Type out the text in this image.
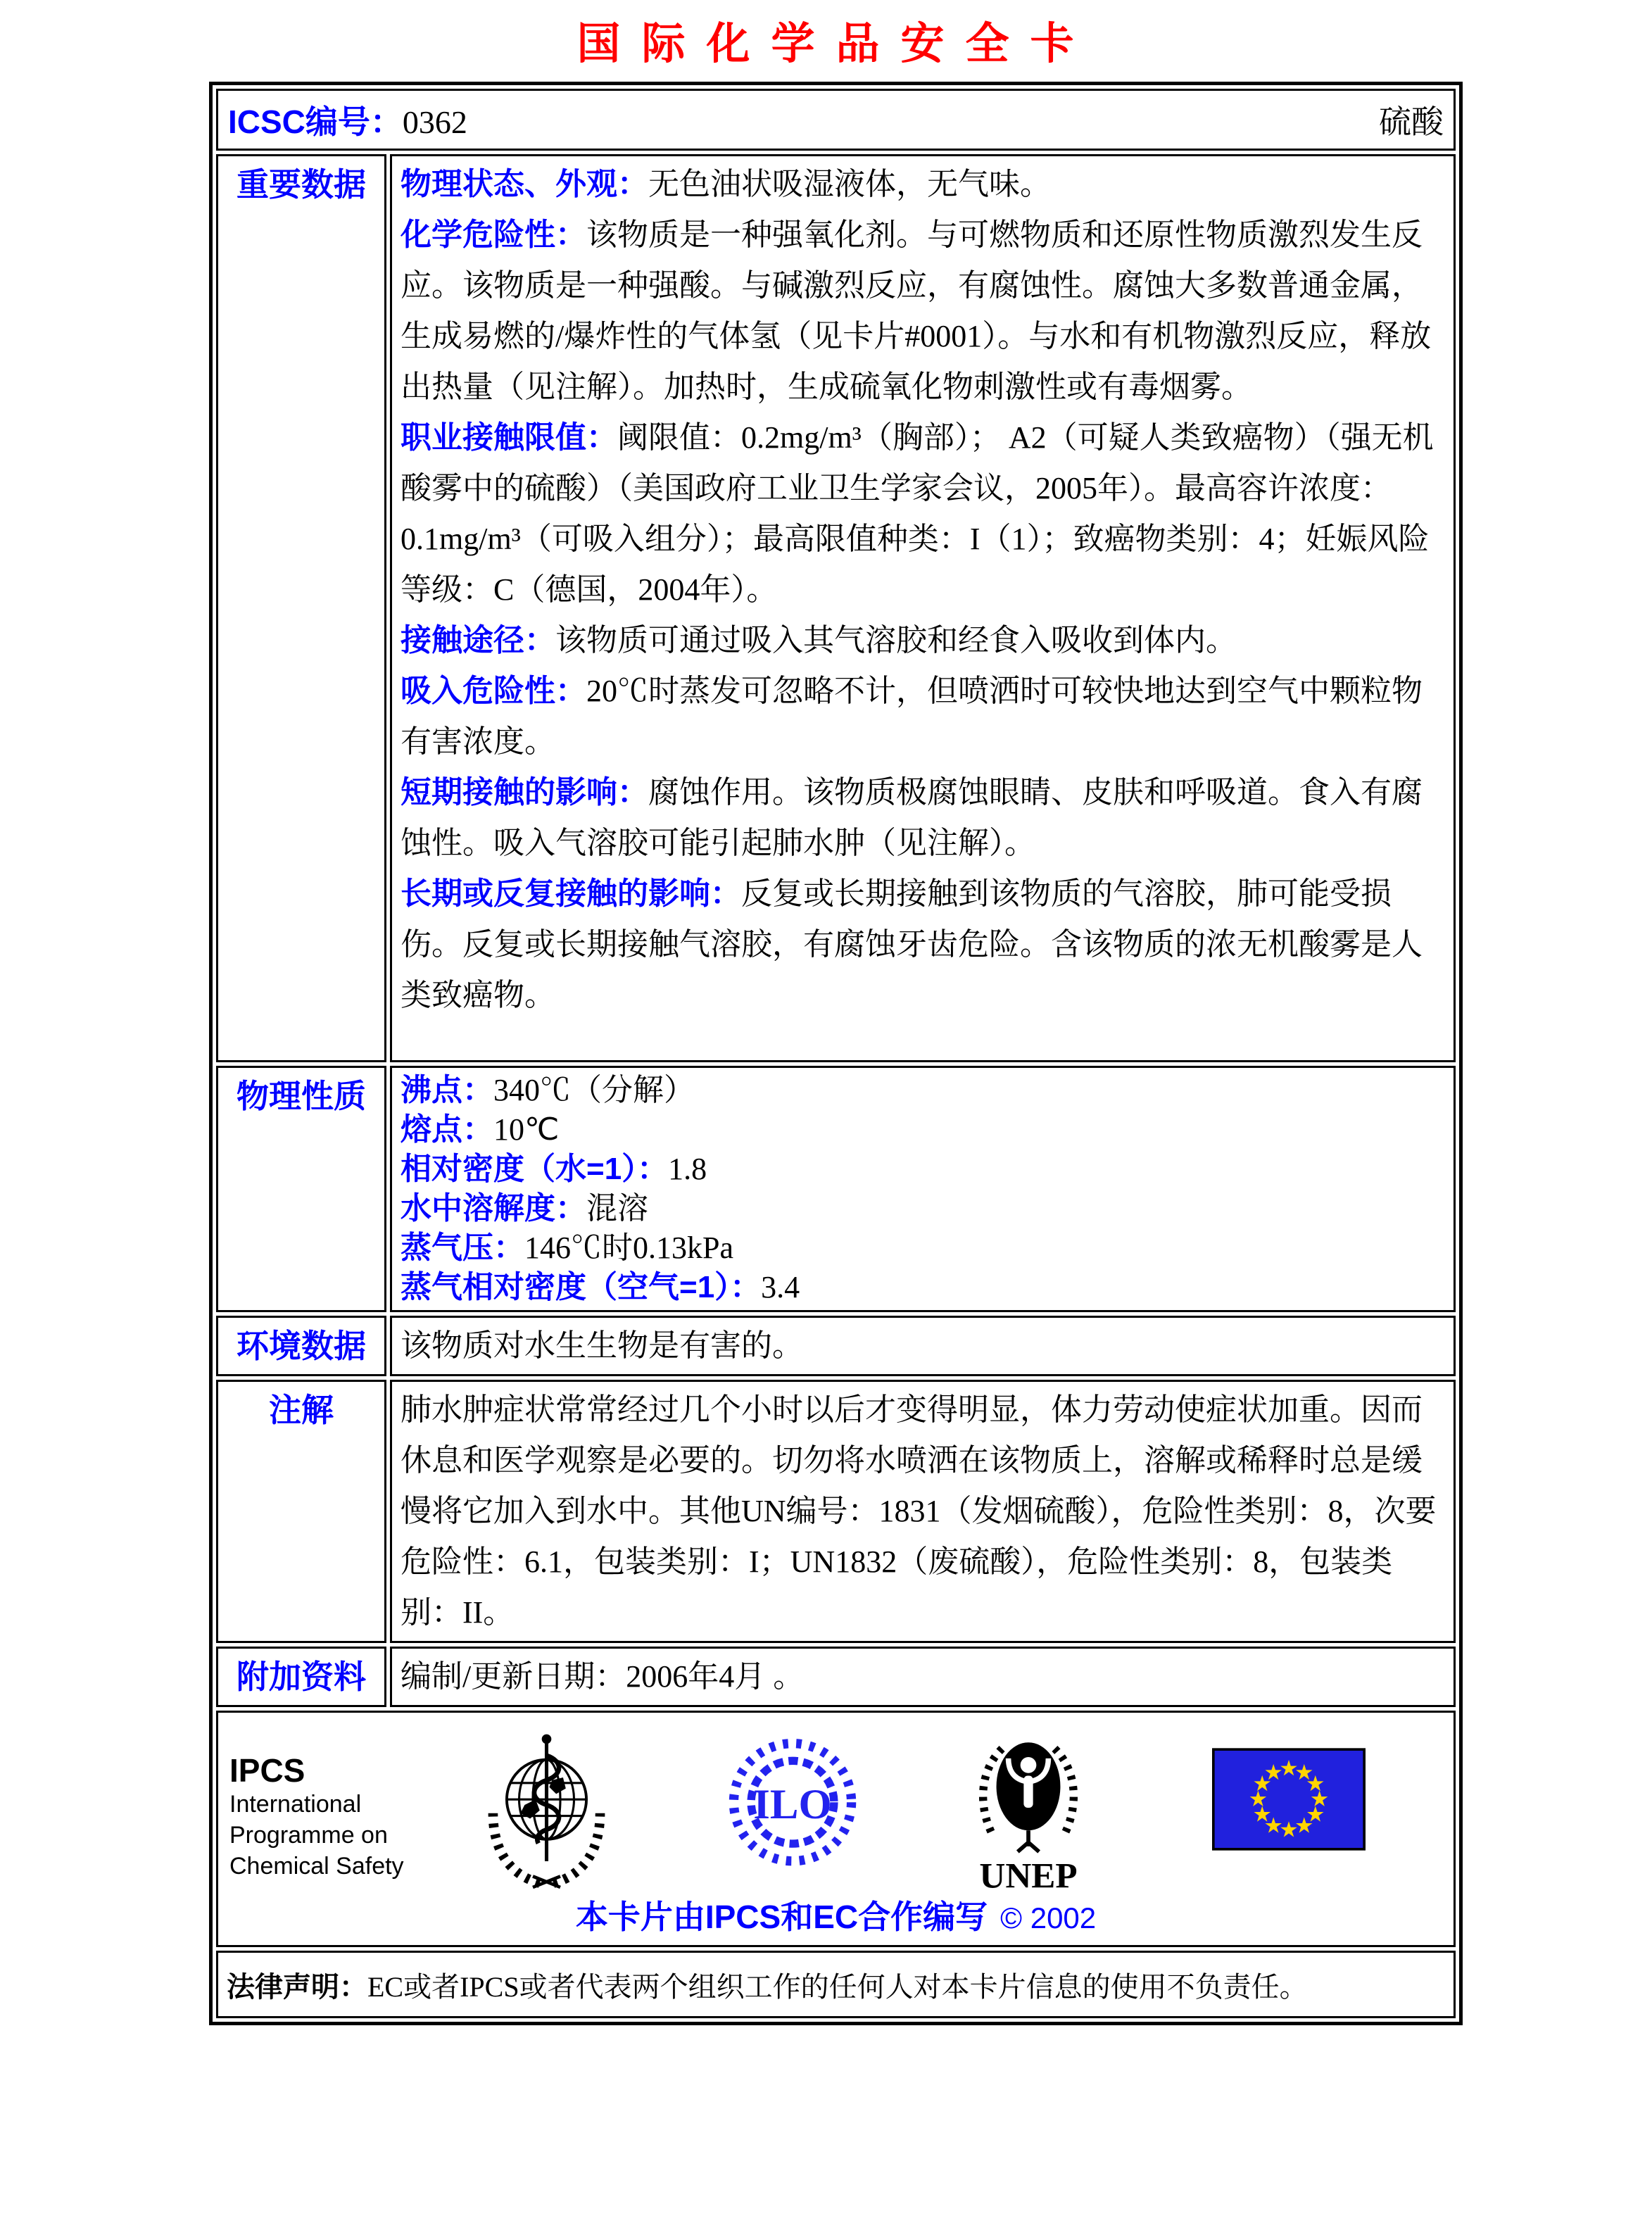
国际化学品安全卡
硫酸
ICSC编号：0362	
重要数据	物理状态、外观：无色油状吸湿液体，无气味。
化学危险性：该物质是一种强氧化剂。与可燃物质和还原性物质激烈发生反应。该物质是一种强酸。与碱激烈反应，有腐蚀性。腐蚀大多数普通金属，生成易燃的/爆炸性的气体氢（见卡片#0001）。与水和有机物激烈反应，释放出热量（见注解）。加热时，生成硫氧化物刺激性或有毒烟雾。
职业接触限值：阈限值：0.2mg/m³（胸部）； A2（可疑人类致癌物）（强无机酸雾中的硫酸）（美国政府工业卫生学家会议，2005年）。最高容许浓度：0.1mg/m³（可吸入组分）；最高限值种类：I（1）；致癌物类别：4；妊娠风险等级：C（德国，2004年）。
接触途径：该物质可通过吸入其气溶胶和经食入吸收到体内。
吸入危险性：20℃时蒸发可忽略不计，但喷洒时可较快地达到空气中颗粒物有害浓度。
短期接触的影响：腐蚀作用。该物质极腐蚀眼睛、皮肤和呼吸道。食入有腐蚀性。吸入气溶胶可能引起肺水肿（见注解）。
长期或反复接触的影响：反复或长期接触到该物质的气溶胶，肺可能受损伤。反复或长期接触气溶胶，有腐蚀牙齿危险。含该物质的浓无机酸雾是人类致癌物。

物理性质	沸点：340℃（分解）
熔点：10℃
相对密度（水=1）：1.8
水中溶解度：混溶
蒸气压：146℃时0.13kPa
蒸气相对密度（空气=1）：3.4

环境数据	该物质对水生生物是有害的。
注解	肺水肿症状常常经过几个小时以后才变得明显，体力劳动使症状加重。因而休息和医学观察是必要的。切勿将水喷洒在该物质上，溶解或稀释时总是缓慢将它加入到水中。其他UN编号：1831（发烟硫酸），危险性类别：8，次要危险性：6.1，包装类别：I；UN1832（废硫酸），危险性类别：8，包装类别：II。
附加资料	编制/更新日期：2006年4月 。

IPCS
International
Programme on
Chemical Safety
ILO
UNEP
本卡片由IPCS和EC合作编写 © 2002

法律声明：EC或者IPCS或者代表两个组织工作的任何人对本卡片信息的使用不负责任。	
